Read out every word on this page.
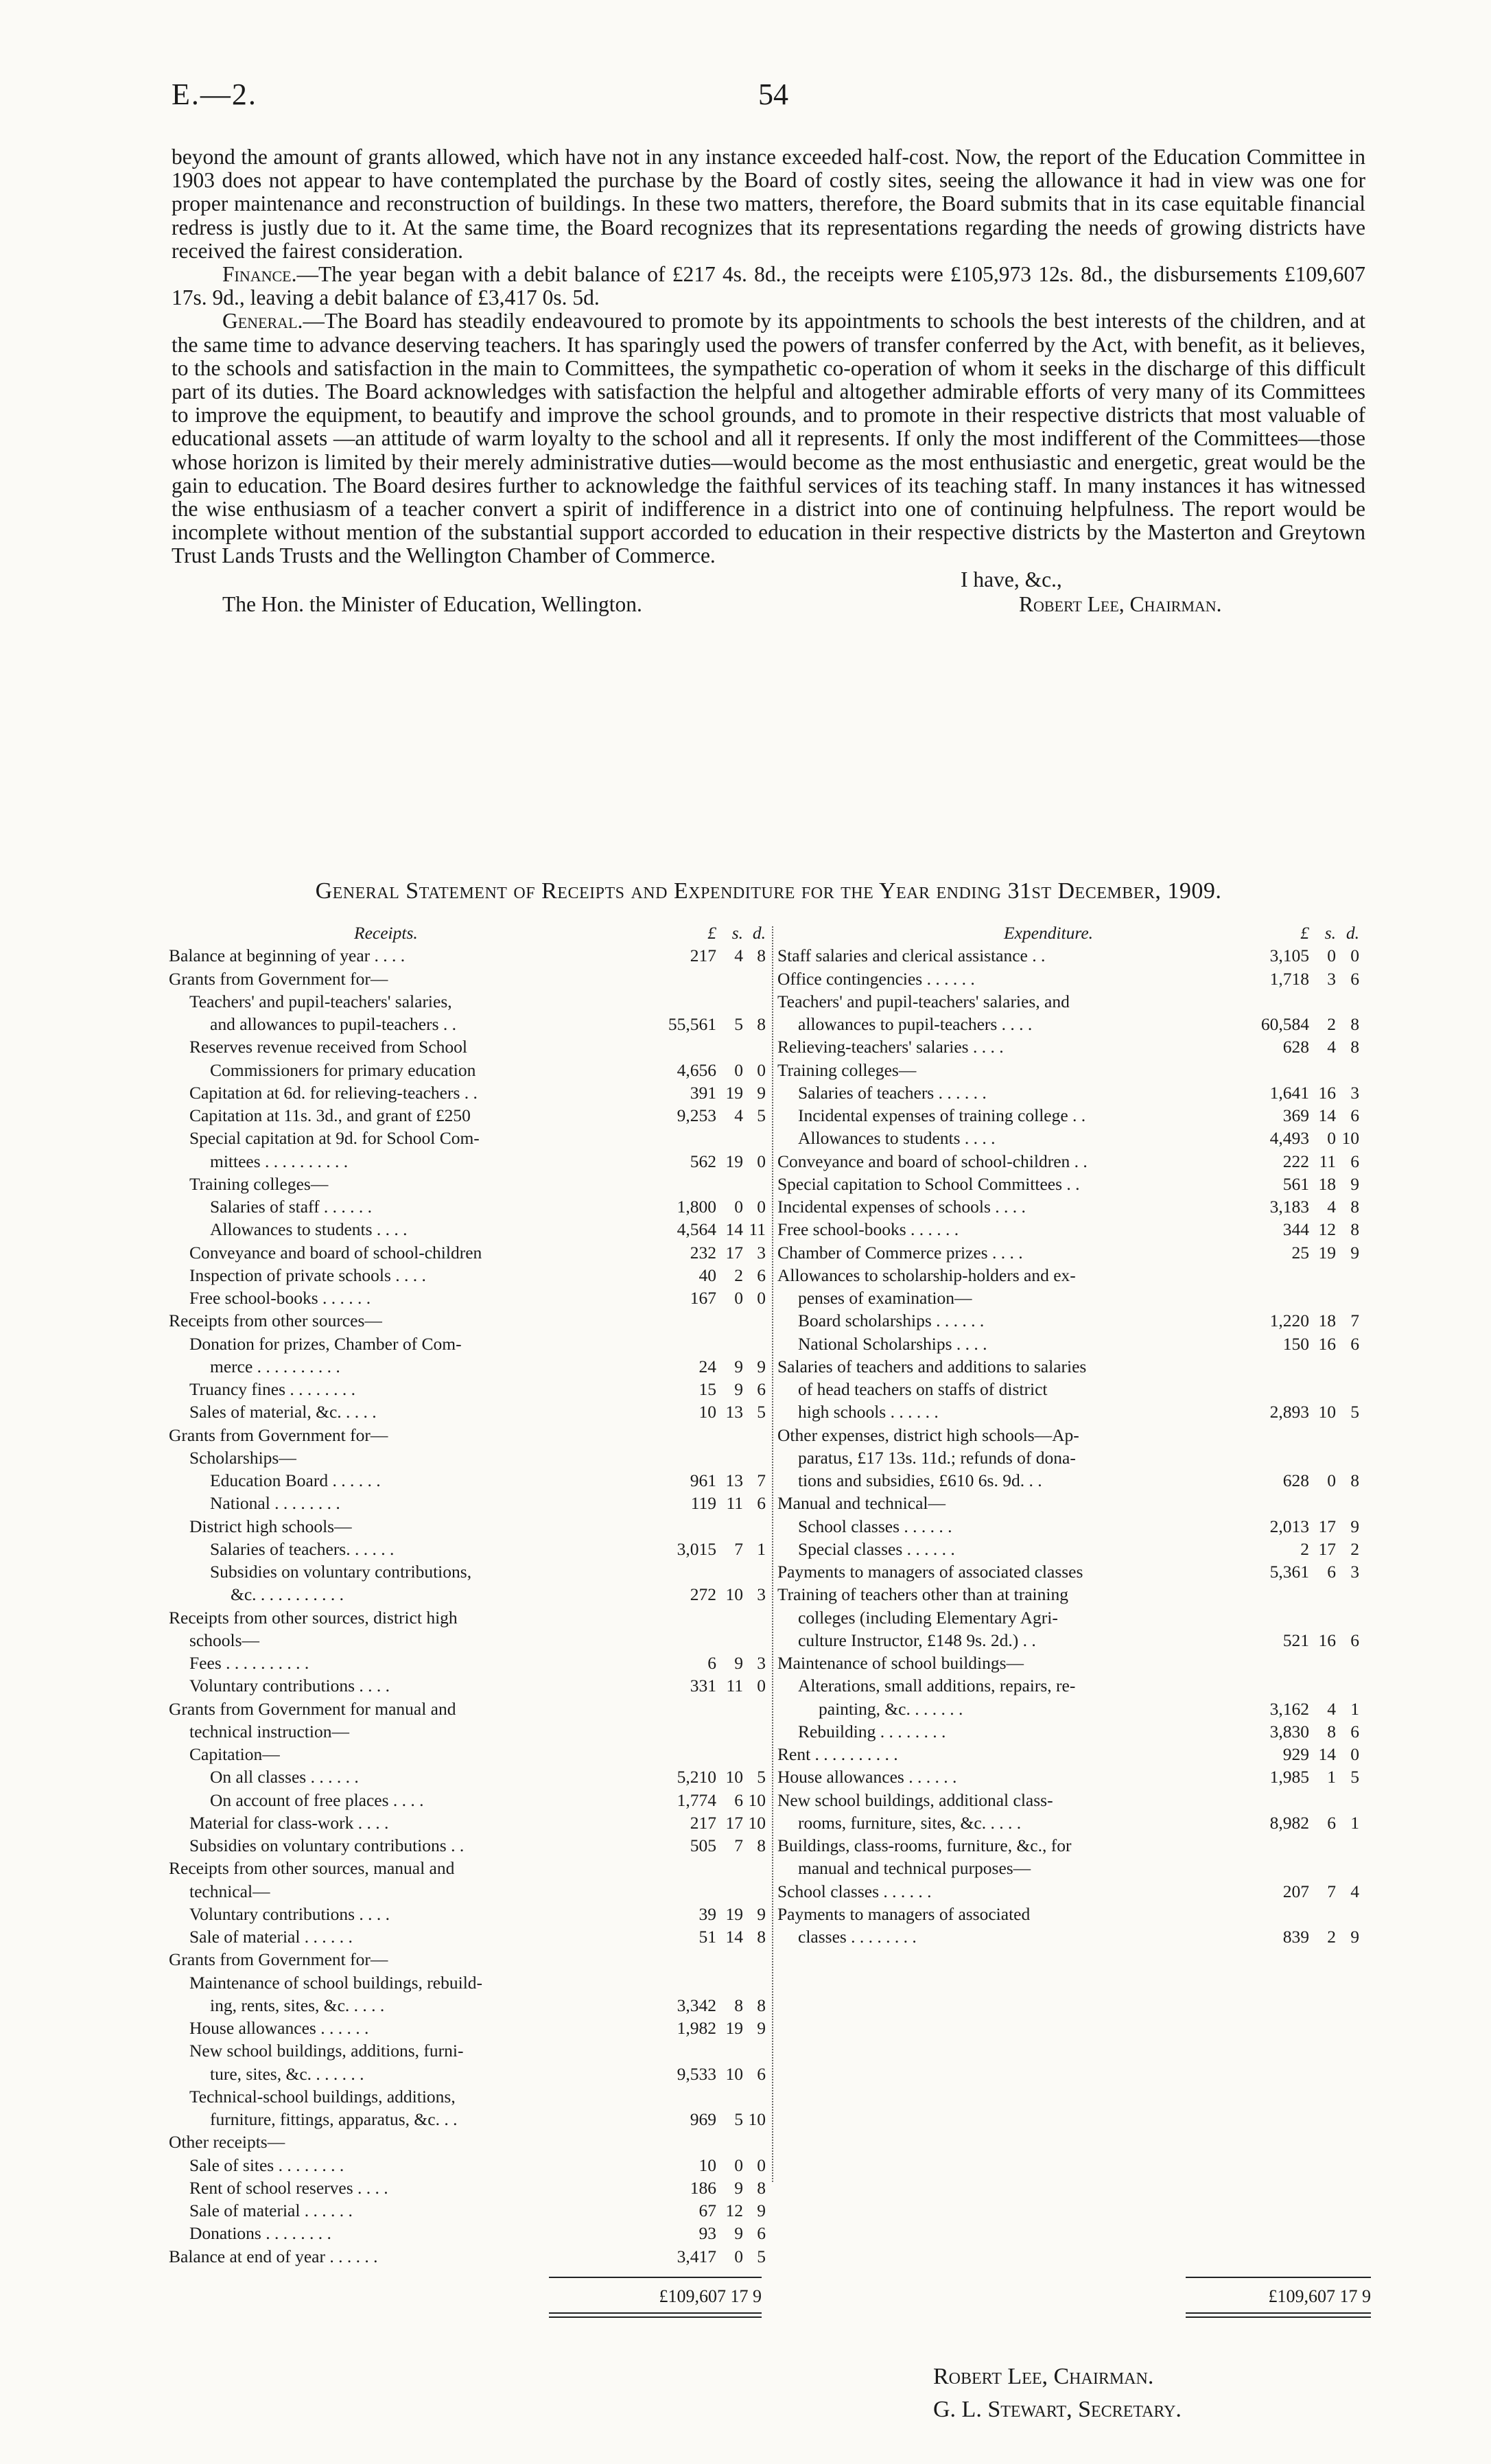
E.—2.	54

beyond the amount of grants allowed, which have not in any instance exceeded half-cost. Now, the report of the Education Committee in 1903 does not appear to have contemplated the purchase by the Board of costly sites, seeing the allowance it had in view was one for proper maintenance and reconstruction of buildings. In these two matters, therefore, the Board submits that in its case equitable financial redress is justly due to it. At the same time, the Board recognizes that its representations regarding the needs of growing districts have received the fairest consideration.

Finance.—The year began with a debit balance of £217 4s. 8d., the receipts were £105,973 12s. 8d., the disbursements £109,607 17s. 9d., leaving a debit balance of £3,417 0s. 5d.

General.—The Board has steadily endeavoured to promote by its appointments to schools the best interests of the children, and at the same time to advance deserving teachers. It has sparingly used the powers of transfer conferred by the Act, with benefit, as it believes, to the schools and satisfaction in the main to Committees, the sympathetic co-operation of whom it seeks in the discharge of this difficult part of its duties. The Board acknowledges with satisfaction the helpful and altogether admirable efforts of very many of its Committees to improve the equipment, to beautify and improve the school grounds, and to promote in their respective districts that most valuable of educational assets —an attitude of warm loyalty to the school and all it represents. If only the most indifferent of the Committees—those whose horizon is limited by their merely administrative duties—would become as the most enthusiastic and energetic, great would be the gain to education. The Board desires further to acknowledge the faithful services of its teaching staff. In many instances it has witnessed the wise enthusiasm of a teacher convert a spirit of indifference in a district into one of continuing helpfulness. The report would be incomplete without mention of the substantial support accorded to education in their respective districts by the Masterton and Greytown Trust Lands Trusts and the Wellington Chamber of Commerce.

I have, &c.,
The Hon. the Minister of Education, Wellington.	Robert Lee, Chairman.
General Statement of Receipts and Expenditure for the Year ending 31st December, 1909.
Receipts.	£ s. d.
Balance at beginning of year . . . .	217	4 8
Grants from Government for—
Teachers' and pupil-teachers' salaries,
and allowances to pupil-teachers . .	55,561	5 8
Reserves revenue received from School
Commissioners for primary education	4,656	0 0
Capitation at 6d. for relieving-teachers . .	391 19 9
Capitation at 11s. 3d., and grant of £250	9,253	4 5
Special capitation at 9d. for School Com-
mittees . . . . . . . . . .	562 19 0
Training colleges—
Salaries of staff . . . . . .	1,800	0 0
Allowances to students . . . .	4,564 14 11
Conveyance and board of school-children	232 17 3
Inspection of private schools . . . .	40	2 6
Free school-books . . . . . .	167	0 0
Receipts from other sources—
Donation for prizes, Chamber of Com-
merce . . . . . . . . . .	24	9 9
Truancy fines . . . . . . . .	15	9 6
Sales of material, &c. . . . .	10 13 5
Grants from Government for—
Scholarships—
Education Board . . . . . .	961 13 7
National . . . . . . . .	119 11 6
District high schools—
Salaries of teachers. . . . . .	3,015	7 1
Subsidies on voluntary contributions,
&c. . . . . . . . . . .	272 10 3
Receipts from other sources, district high
schools—
Fees . . . . . . . . . .	6	9 3
Voluntary contributions . . . .	331 11 0
Grants from Government for manual and
technical instruction—
Capitation—
On all classes . . . . . .	5,210 10 5
On account of free places . . . .	1,774	6 10
Material for class-work . . . .	217 17 10
Subsidies on voluntary contributions . .	505	7 8
Receipts from other sources, manual and
technical—
Voluntary contributions . . . .	39 19 9
Sale of material . . . . . .	51 14 8
Grants from Government for—
Maintenance of school buildings, rebuild-
ing, rents, sites, &c. . . . .	3,342	8 8
House allowances . . . . . .	1,982 19 9
New school buildings, additions, furni-
ture, sites, &c. . . . . . .	9,533 10 6
Technical-school buildings, additions,
furniture, fittings, apparatus, &c. . .	969	5 10
Other receipts—
Sale of sites . . . . . . . .	10	0 0
Rent of school reserves . . . .	186	9 8
Sale of material . . . . . .	67 12 9
Donations . . . . . . . .	93	9 6
Balance at end of year . . . . . .	3,417	0 5
Expenditure.	£ s. d.
Staff salaries and clerical assistance . .	3,105	0 0
Office contingencies . . . . . .	1,718	3 6
Teachers' and pupil-teachers' salaries, and
allowances to pupil-teachers . . . .	60,584	2 8
Relieving-teachers' salaries . . . .	628	4 8
Training colleges—
Salaries of teachers . . . . . .	1,641 16 3
Incidental expenses of training college . .	369 14 6
Allowances to students . . . .	4,493	0 10
Conveyance and board of school-children . .	222 11 6
Special capitation to School Committees . .	561 18 9
Incidental expenses of schools . . . .	3,183	4 8
Free school-books . . . . . .	344 12 8
Chamber of Commerce prizes . . . .	25 19 9
Allowances to scholarship-holders and ex-
penses of examination—
Board scholarships . . . . . .	1,220 18 7
National Scholarships . . . .	150 16 6
Salaries of teachers and additions to salaries
of head teachers on staffs of district
high schools . . . . . .	2,893 10 5
Other expenses, district high schools—Ap-
paratus, £17 13s. 11d.; refunds of dona-
tions and subsidies, £610 6s. 9d. . .	628	0 8
Manual and technical—
School classes . . . . . .	2,013 17 9
Special classes . . . . . .	2 17 2
Payments to managers of associated classes	5,361	6 3
Training of teachers other than at training
colleges (including Elementary Agri-
culture Instructor, £148 9s. 2d.) . .	521 16 6
Maintenance of school buildings—
Alterations, small additions, repairs, re-
painting, &c. . . . . . .	3,162	4 1
Rebuilding . . . . . . . .	3,830	8 6
Rent . . . . . . . . . .	929 14 0
House allowances . . . . . .	1,985	1 5
New school buildings, additional class-
rooms, furniture, sites, &c. . . . .	8,982	6 1
Buildings, class-rooms, furniture, &c., for
manual and technical purposes—
School classes . . . . . .	207	7 4
Payments to managers of associated
classes . . . . . . . .	839	2 9
£109,607 17 9	£109,607 17 9
Robert Lee, Chairman.
G. L. Stewart, Secretary.
